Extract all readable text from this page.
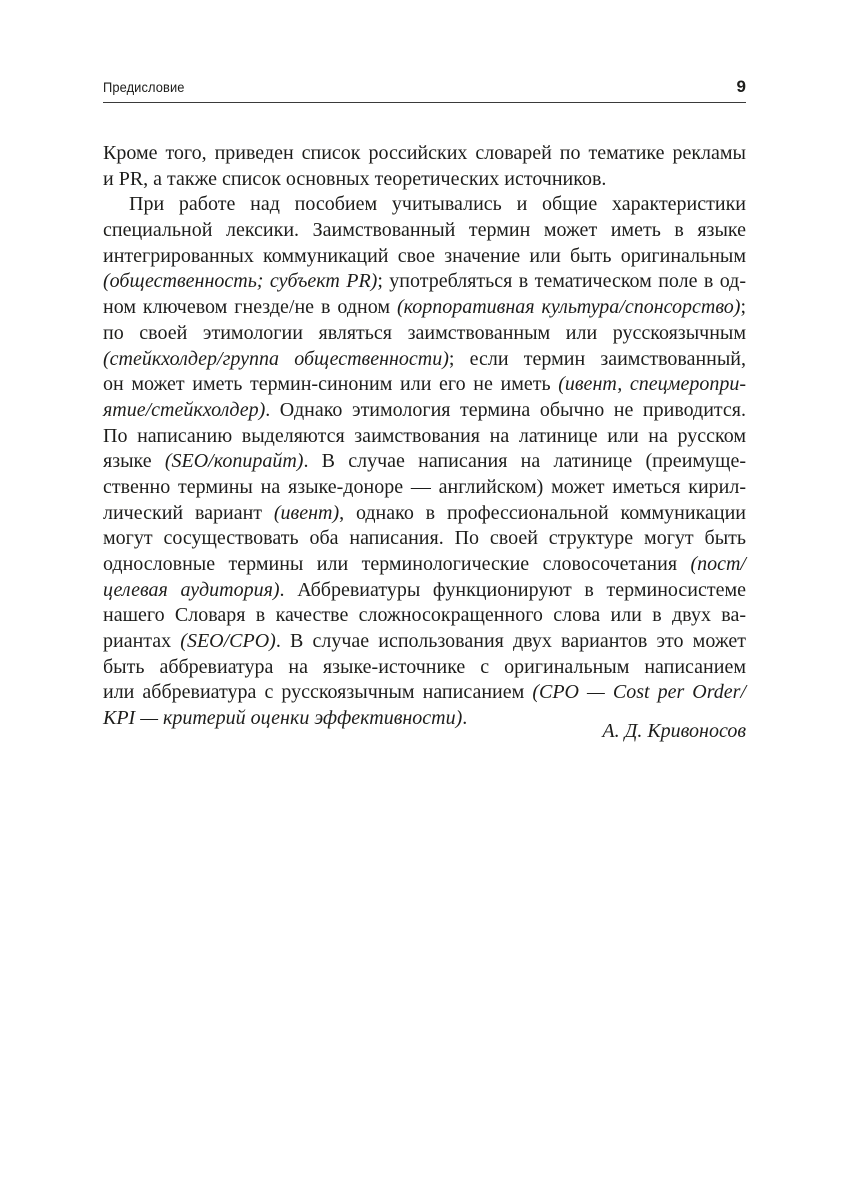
Предисловие	9
Кроме того, приведен список российских словарей по тематике рекламы
и PR, а также список основных теоретических источников.
При работе над пособием учитывались и общие характеристики
специальной лексики. Заимствованный термин может иметь в языке
интегрированных коммуникаций свое значение или быть оригинальным
(общественность; субъект PR); употребляться в тематическом поле в од-
ном ключевом гнезде/не в одном (корпоративная культура/спонсорство);
по своей этимологии являться заимствованным или русскоязычным
(стейкхолдер/группа общественности); если термин заимствованный,
он может иметь термин-синоним или его не иметь (ивент, спецмеропри-
ятие/стейкхолдер). Однако этимология термина обычно не приводится.
По написанию выделяются заимствования на латинице или на русском
языке (SEO/копирайт). В случае написания на латинице (преимуще-
ственно термины на языке-доноре — английском) может иметься кирил-
лический вариант (ивент), однако в профессиональной коммуникации
могут сосуществовать оба написания. По своей структуре могут быть
однословные термины или терминологические словосочетания (пост/
целевая аудитория). Аббревиатуры функционируют в терминосистеме
нашего Словаря в качестве сложносокращенного слова или в двух ва-
риантах (SEO/CPO). В случае использования двух вариантов это может
быть аббревиатура на языке-источнике с оригинальным написанием
или аббревиатура с русскоязычным написанием (CPO — Cost per Order/
KPI — критерий оценки эффективности).
А. Д. Кривоносов
